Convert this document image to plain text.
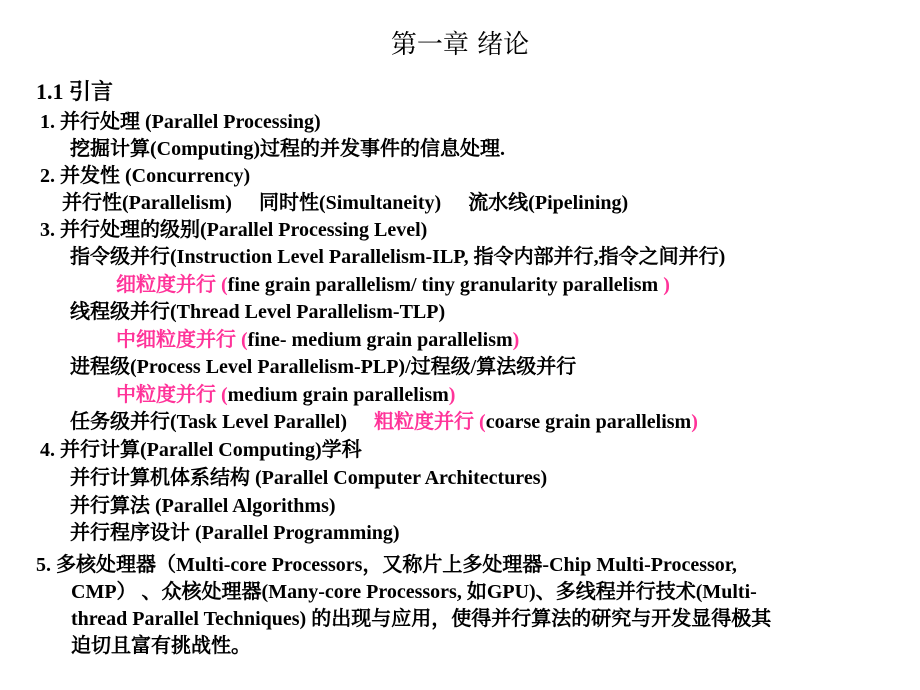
第一章 绪论
1.1 引言
1. 并行处理 (Parallel Processing)
挖掘计算(Computing)过程的并发事件的信息处理.
2. 并发性 (Concurrency)
并行性(Parallelism) 同时性(Simultaneity) 流水线(Pipelining)
3. 并行处理的级别(Parallel Processing Level)
指令级并行(Instruction Level Parallelism-ILP, 指令内部并行,指令之间并行)
细粒度并行 (fine grain parallelism/ tiny granularity parallelism )
线程级并行(Thread Level Parallelism-TLP)
中细粒度并行 (fine- medium grain parallelism)
进程级(Process Level Parallelism-PLP)/过程级/算法级并行
中粒度并行 (medium grain parallelism)
任务级并行(Task Level Parallel) 粗粒度并行 (coarse grain parallelism)
4. 并行计算(Parallel Computing)学科
并行计算机体系结构 (Parallel Computer Architectures)
并行算法 (Parallel Algorithms)
并行程序设计 (Parallel Programming)
5. 多核处理器（Multi-core Processors，又称片上多处理器-Chip Multi-Processor,
CMP） 、众核处理器(Many-core Processors, 如GPU)、多线程并行技术(Multi-
thread Parallel Techniques) 的出现与应用，使得并行算法的研究与开发显得极其
迫切且富有挑战性。
